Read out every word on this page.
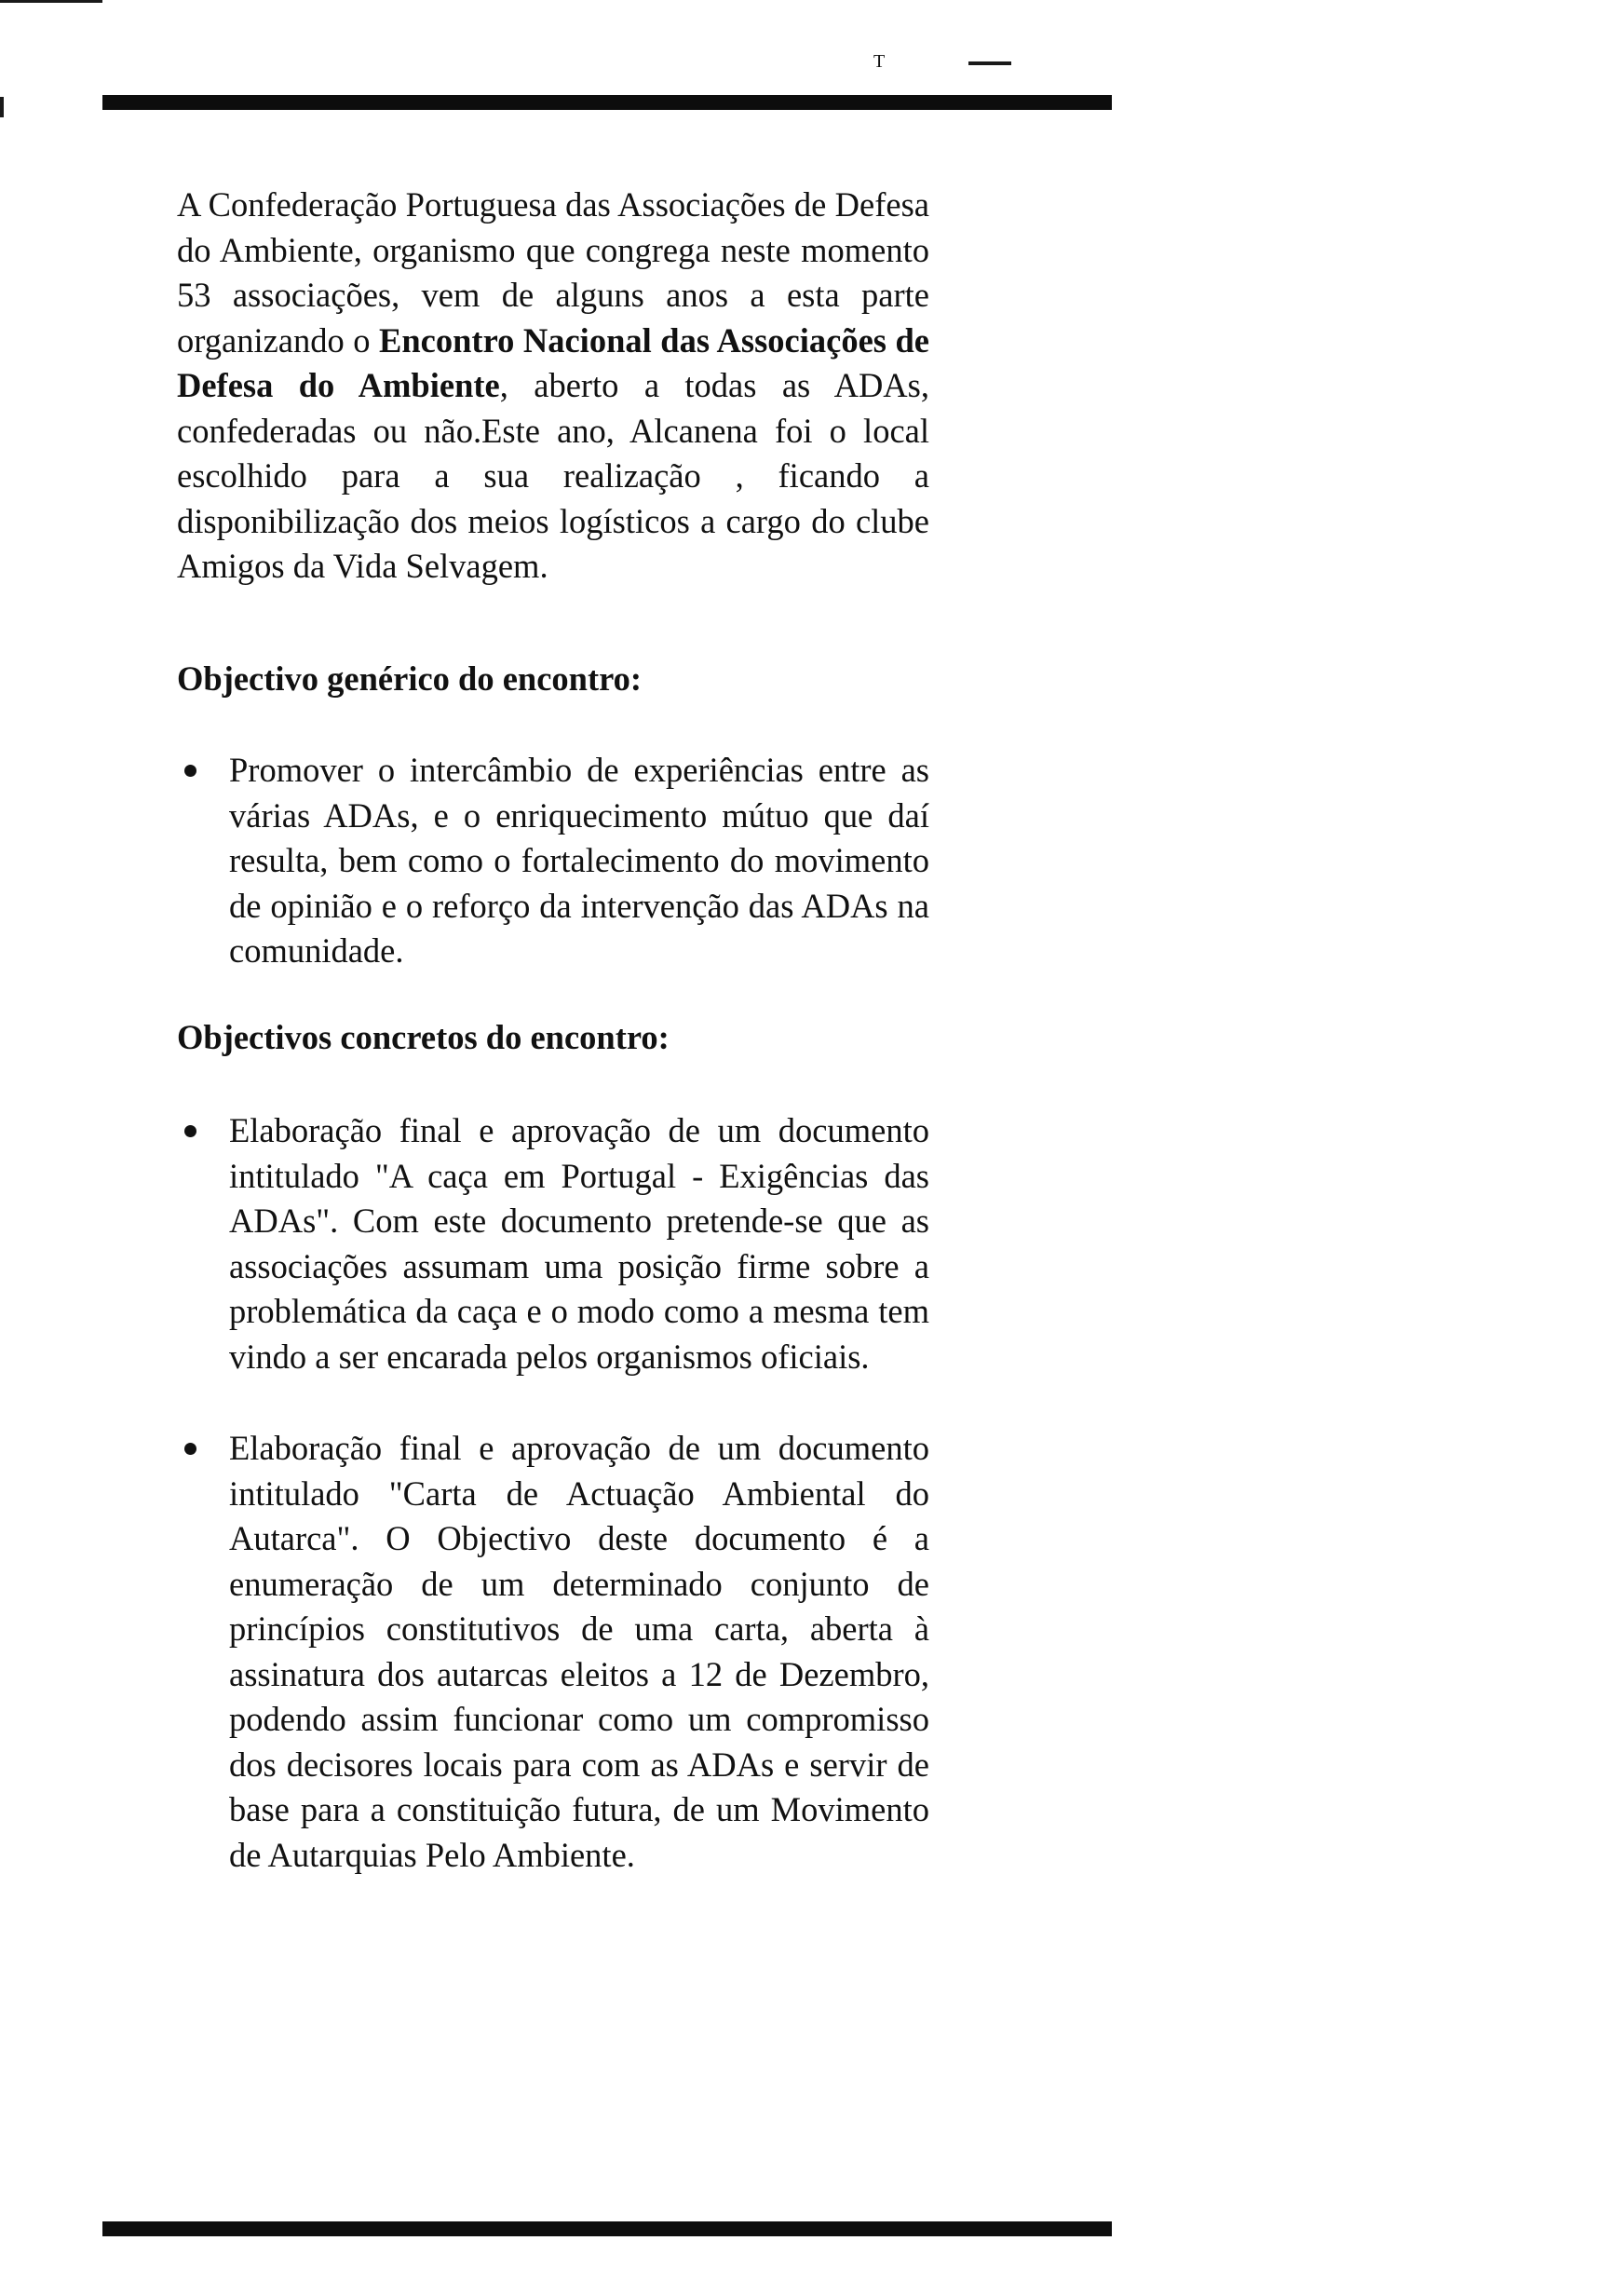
T

A Confederação Portuguesa das Associações de Defesa do Ambiente, organismo que congrega neste momento 53 associações, vem de alguns anos a esta parte organizando o Encontro Nacional das Associações de Defesa do Ambiente, aberto a todas as ADAs, confederadas ou não.Este ano, Alcanena foi o local escolhido para a sua realização , ficando a disponibilização dos meios logísticos a cargo do clube Amigos da Vida Selvagem.

Objectivo genérico do encontro:
Promover o intercâmbio de experiências entre as várias ADAs, e o enriquecimento mútuo que daí resulta, bem como o fortalecimento do movimento de opinião e o reforço da intervenção das ADAs na comunidade.
Objectivos concretos do encontro:
Elaboração final e aprovação de um documento intitulado "A caça em Portugal - Exigências das ADAs". Com este documento pretende-se que as associações assumam uma posição firme sobre a problemática da caça e o modo como a mesma tem vindo a ser encarada pelos organismos oficiais.
Elaboração final e aprovação de um documento intitulado "Carta de Actuação Ambiental do Autarca". O Objectivo deste documento é a enumeração de um determinado conjunto de princípios constitutivos de uma carta, aberta à assinatura dos autarcas eleitos a 12 de Dezembro, podendo assim funcionar como um compromisso dos decisores locais para com as ADAs e servir de base para a constituição futura, de um Movimento de Autarquias Pelo Ambiente.
